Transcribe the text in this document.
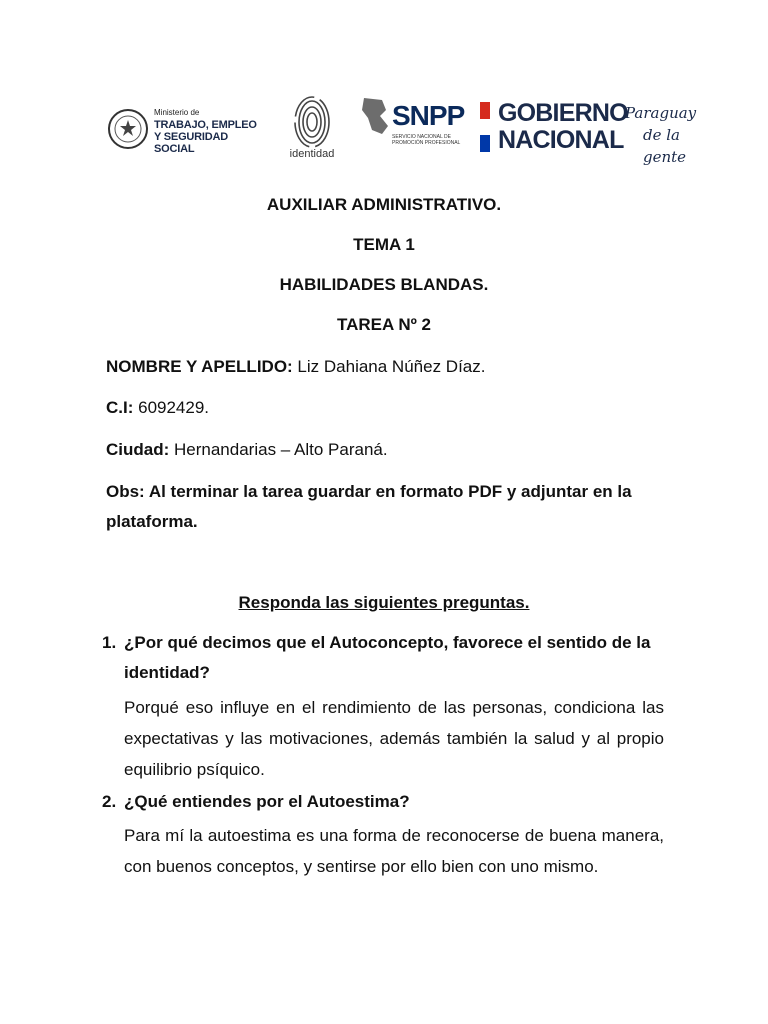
Ministerio de
TRABAJO, EMPLEO
Y SEGURIDAD SOCIAL	identidad
SNPP
SERVICIO NACIONAL DE PROMOCIÓN PROFESIONAL
GOBIERNO
NACIONAL
Paraguay
de la gente
AUXILIAR ADMINISTRATIVO.
TEMA 1
HABILIDADES BLANDAS.
TAREA Nº 2
NOMBRE Y APELLIDO: Liz Dahiana Núñez Díaz.
C.I: 6092429.
Ciudad: Hernandarias – Alto Paraná.
Obs: Al terminar la tarea guardar en formato PDF y adjuntar en la plataforma.
Responda las siguientes preguntas.
1. ¿Por qué decimos que el Autoconcepto, favorece el sentido de la identidad?
Porqué eso influye en el rendimiento de las personas, condiciona las expectativas y las motivaciones, además también la salud y al propio equilibrio psíquico.
2. ¿Qué entiendes por el Autoestima?
Para mí la autoestima es una forma de reconocerse de buena manera, con buenos conceptos, y sentirse por ello bien con uno mismo.
